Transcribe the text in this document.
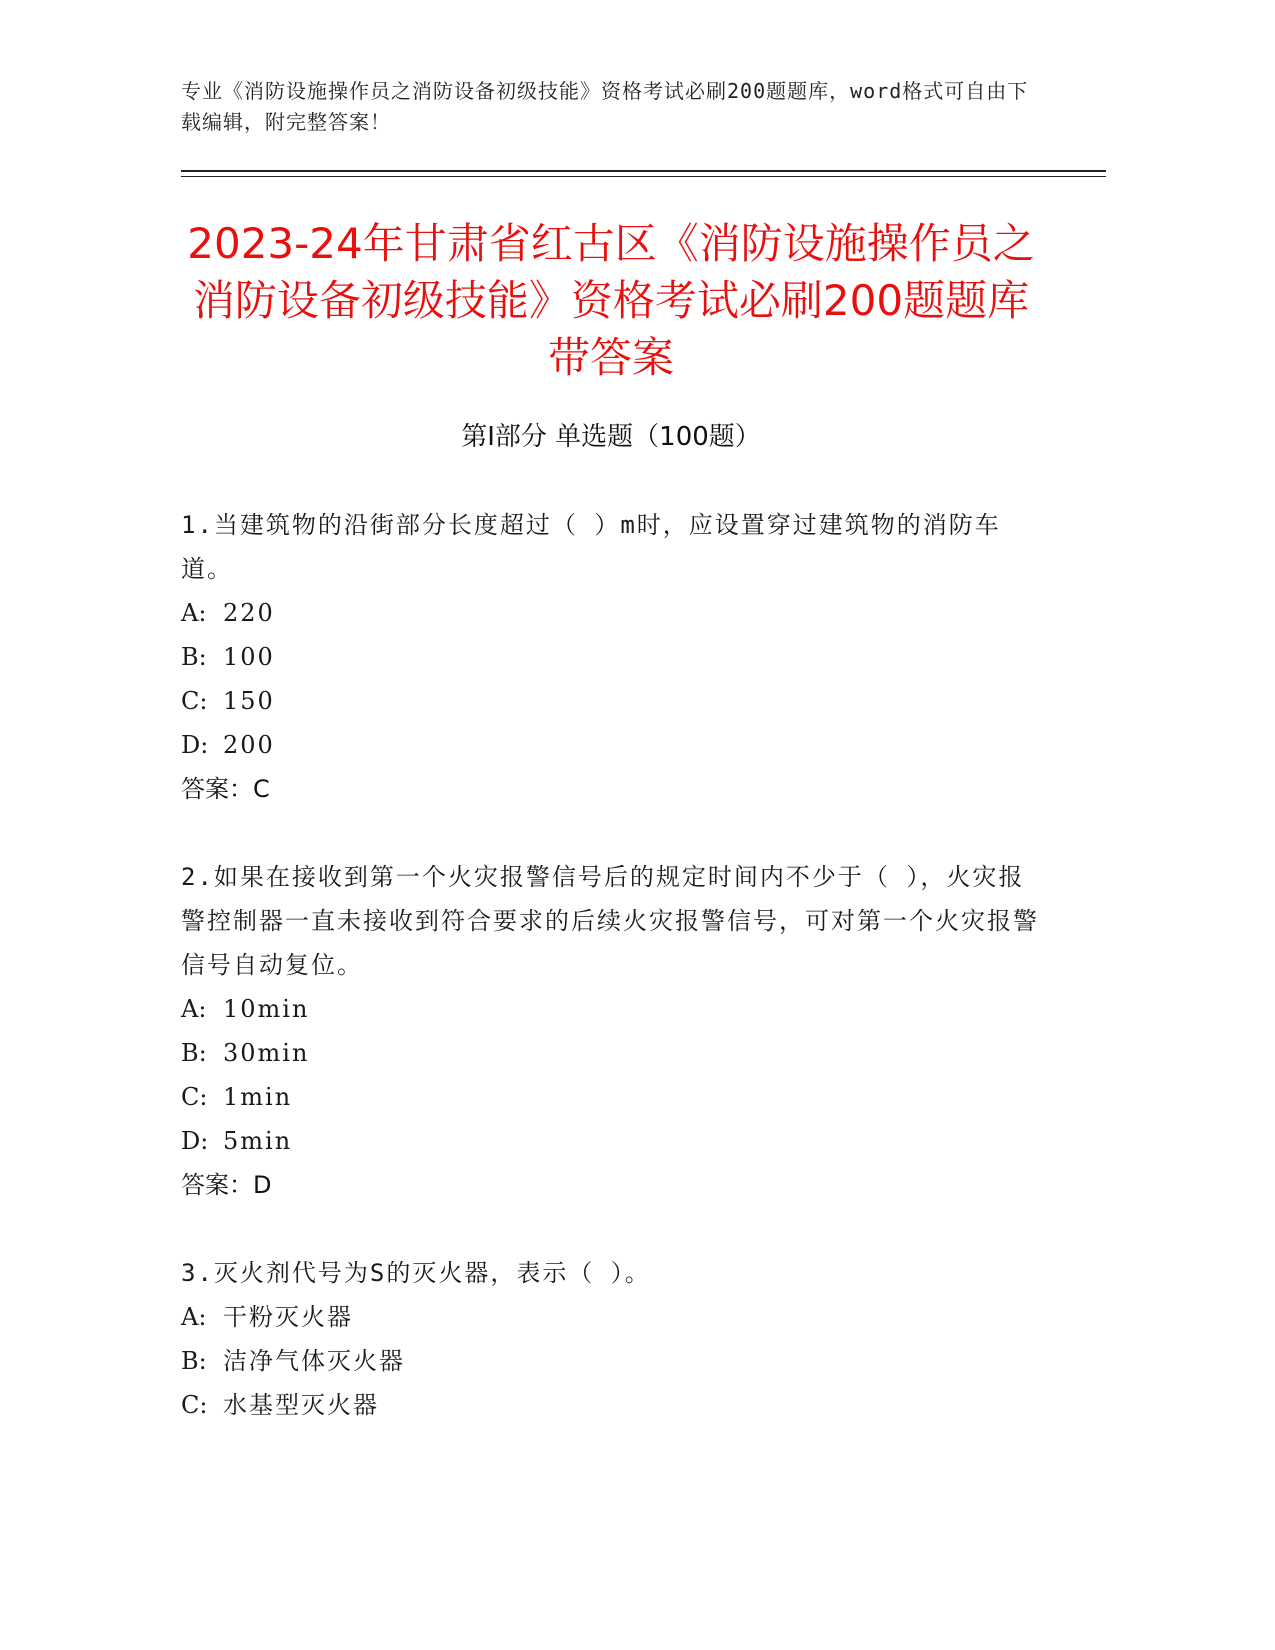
专业《消防设施操作员之消防设备初级技能》资格考试必刷200题题库，word格式可自由下载编辑，附完整答案！
2023-24年甘肃省红古区《消防设施操作员之消防设备初级技能》资格考试必刷200题题库带答案
第Ⅰ部分 单选题（100题）
1.当建筑物的沿街部分长度超过（ ）m时，应设置穿过建筑物的消防车道。
A: 220
B: 100
C: 150
D: 200
答案：C
2.如果在接收到第一个火灾报警信号后的规定时间内不少于（ ），火灾报警控制器一直未接收到符合要求的后续火灾报警信号，可对第一个火灾报警信号自动复位。
A: 10min
B: 30min
C: 1min
D: 5min
答案：D
3.灭火剂代号为S的灭火器，表示（ ）。
A: 干粉灭火器
B: 洁净气体灭火器
C: 水基型灭火器
